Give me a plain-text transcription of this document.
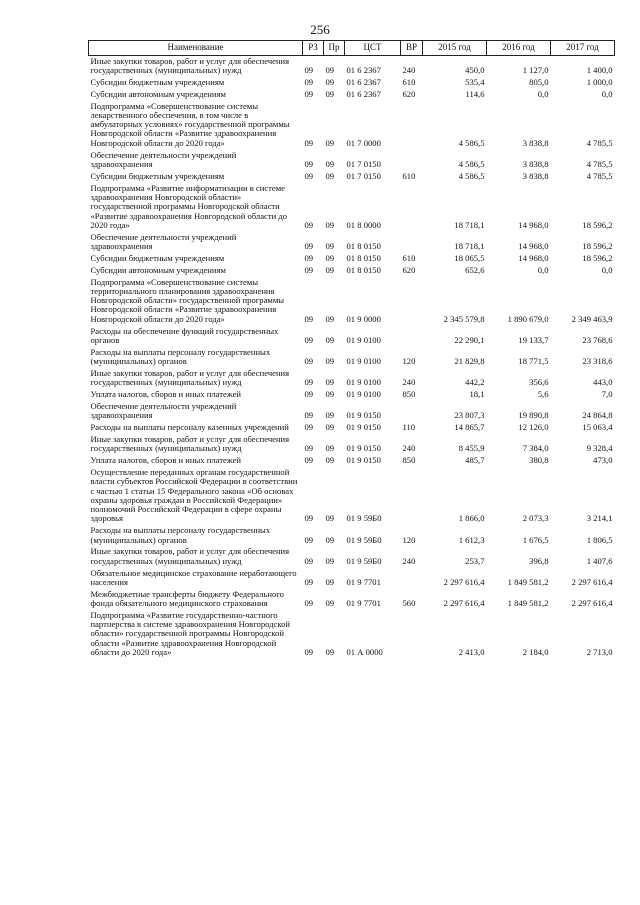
256
Наименование	РЗ	Пр	ЦСТ	ВР	2015 год	2016 год	2017 год
Иные закупки товаров, работ и услуг для обеспечения государственных (муниципальных) нужд	09	09	01 6 2367	240	450,0	1 127,0	1 400,0
Субсидии бюджетным учреждениям	09	09	01 6 2367	610	535,4	805,0	1 000,0
Субсидии автономным учреждениям	09	09	01 6 2367	620	114,6	0,0	0,0
Подпрограмма «Совершенствование системы лекарственного обеспечения, в том числе в амбулаторных условиях» государственной программы Новгородской области «Развитие здравоохранения Новгородской области до 2020 года»	09	09	01 7 0000		4 586,5	3 838,8	4 785,5
Обеспечение деятельности учреждений здравоохранения	09	09	01 7 0150		4 586,5	3 838,8	4 785,5
Субсидии бюджетным учреждениям	09	09	01 7 0150	610	4 586,5	3 838,8	4 785,5
Подпрограмма «Развитие информатизации в системе здравоохранения Новгородской области» государственной программы Новгородской области «Развитие здравоохранения Новгородской области до 2020 года»	09	09	01 8 0000		18 718,1	14 968,0	18 596,2
Обеспечение деятельности учреждений здравоохранения	09	09	01 8 0150		18 718,1	14 968,0	18 596,2
Субсидии бюджетным учреждениям	09	09	01 8 0150	610	18 065,5	14 968,0	18 596,2
Субсидии автономным учреждениям	09	09	01 8 0150	620	652,6	0,0	0,0
Подпрограмма «Совершенствование системы территориального планирования здравоохранения Новгородской области» государственной программы Новгородской области «Развитие здравоохранения Новгородской области до 2020 года»	09	09	01 9 0000		2 345 579,8	1 890 679,0	2 349 463,9
Расходы на обеспечение функций государственных органов	09	09	01 9 0100		22 290,1	19 133,7	23 768,6
Расходы на выплаты персоналу государственных (муниципальных) органов	09	09	01 9 0100	120	21 829,8	18 771,5	23 318,6
Иные закупки товаров, работ и услуг для обеспечения государственных (муниципальных) нужд	09	09	01 9 0100	240	442,2	356,6	443,0
Уплата налогов, сборов и иных платежей	09	09	01 9 0100	850	18,1	5,6	7,0
Обеспечение деятельности учреждений здравоохранения	09	09	01 9 0150		23 807,3	19 890,8	24 864,8
Расходы на выплаты персоналу казенных учреждений	09	09	01 9 0150	110	14 865,7	12 126,0	15 063,4
Иные закупки товаров, работ и услуг для обеспечения государственных (муниципальных) нужд	09	09	01 9 0150	240	8 455,9	7 384,0	9 328,4
Уплата налогов, сборов и иных платежей	09	09	01 9 0150	850	485,7	380,8	473,0
Осуществление переданных органам государственной власти субъектов Российской Федерации в соответствии с частью 1 статьи 15 Федерального закона «Об основах охраны здоровья граждан в Российской Федерации» полномочий Российской Федерации в сфере охраны здоровья	09	09	01 9 59Б0		1 866,0	2 073,3	3 214,1
Расходы на выплаты персоналу государственных (муниципальных) органов	09	09	01 9 59Б0	120	1 612,3	1 676,5	1 806,5
Иные закупки товаров, работ и услуг для обеспечения государственных (муниципальных) нужд	09	09	01 9 59Б0	240	253,7	396,8	1 407,6
Обязательное медицинское страхование неработающего населения	09	09	01 9 7701		2 297 616,4	1 849 581,2	2 297 616,4
Межбюджетные трансферты бюджету Федерального фонда обязательного медицинского страхования	09	09	01 9 7701	560	2 297 616,4	1 849 581,2	2 297 616,4
Подпрограмма «Развитие государственно-частного партнерства в системе здравоохранения Новгородской области» государственной программы Новгородской области «Развитие здравоохранения Новгородской области до 2020 года»	09	09	01 А 0000		2 413,0	2 184,0	2 713,0
